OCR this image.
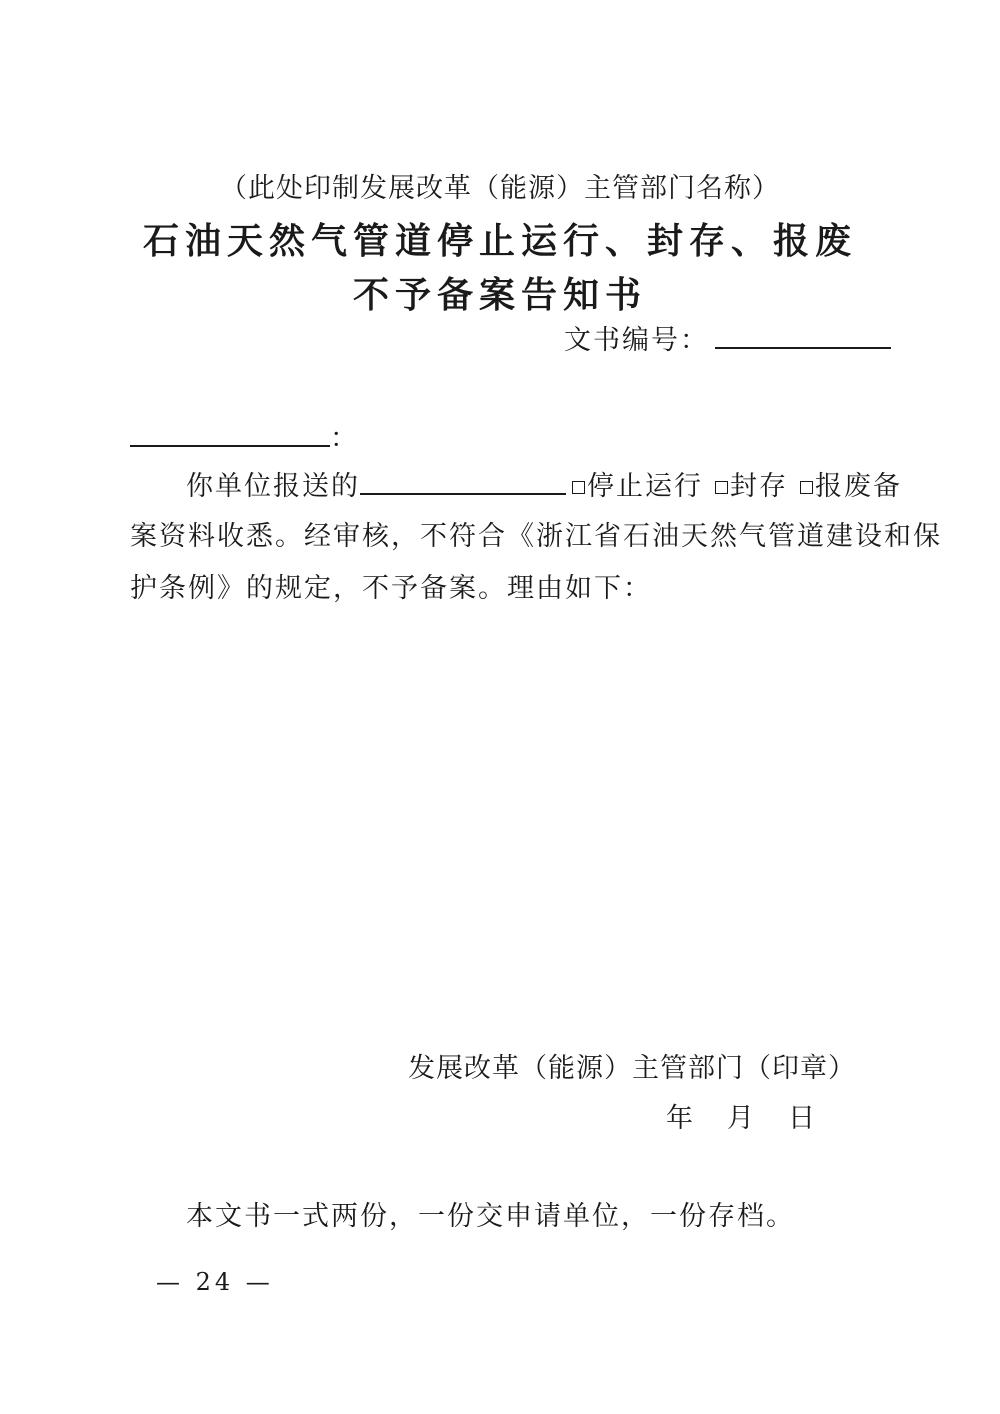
（此处印制发展改革（能源）主管部门名称）
石油天然气管道停止运行、封存、报废
不予备案告知书
文书编号：
：
你单位报送的	停止运行 封存 报废备
案资料收悉。经审核，不符合《浙江省石油天然气管道建设和保
护条例》的规定，不予备案。理由如下：
发展改革（能源）主管部门（印章）
年 月 日
本文书一式两份，一份交申请单位，一份存档。
— 24 —
